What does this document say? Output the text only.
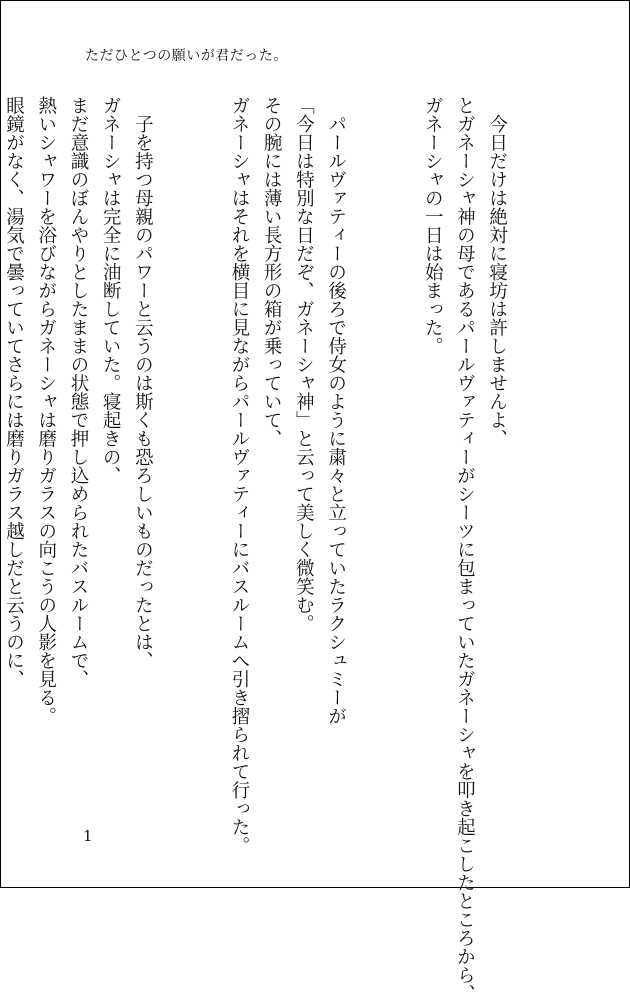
ただひとつの願いが君だった。

　今日だけは絶対に寝坊は許しませんよ、とガネーシャ神の母であるパールヴァティーがシーツに包まっていたガネーシャを叩き起こしたところから、ガネーシャの一日は始まった。

　パールヴァティーの後ろで侍女のように粛々と立っていたラクシュミーが「今日は特別な日だぞ、ガネーシャ神」と云って美しく微笑む。その腕には薄い長方形の箱が乗っていて、ガネーシャはそれを横目に見ながらパールヴァティーにバスルームへ引き摺られて行った。

　子を持つ母親のパワーと云うのは斯くも恐ろしいものだったとは、ガネーシャは完全に油断していた。寝起きの、まだ意識のぼんやりとしたままの状態で押し込められたバスルームで、熱いシャワーを浴びながらガネーシャは磨りガラスの向こうの人影を見る。眼鏡がなく、湯気で曇っていてさらには磨りガラス越しだと云うのに、

1
